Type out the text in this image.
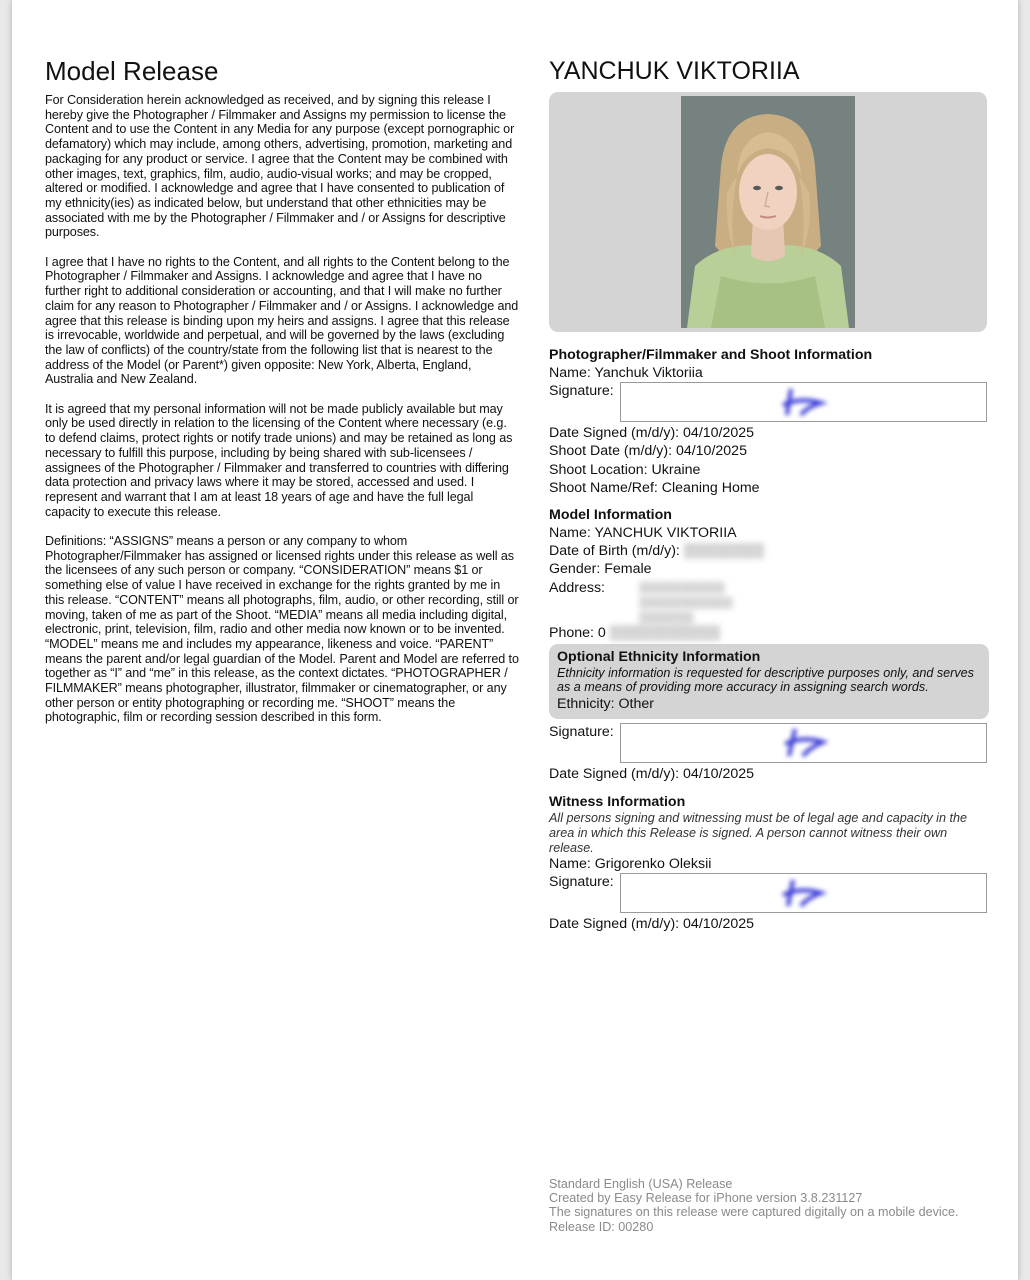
Model Release

For Consideration herein acknowledged as received, and by signing this release I hereby give the Photographer / Filmmaker and Assigns my permission to license the Content and to use the Content in any Media for any purpose (except pornographic or defamatory) which may include, among others, advertising, promotion, marketing and packaging for any product or service. I agree that the Content may be combined with other images, text, graphics, film, audio, audio-visual works; and may be cropped, altered or modified. I acknowledge and agree that I have consented to publication of my ethnicity(ies) as indicated below, but understand that other ethnicities may be associated with me by the Photographer / Filmmaker and / or Assigns for descriptive purposes.

I agree that I have no rights to the Content, and all rights to the Content belong to the Photographer / Filmmaker and Assigns. I acknowledge and agree that I have no further right to additional consideration or accounting, and that I will make no further claim for any reason to Photographer / Filmmaker and / or Assigns. I acknowledge and agree that this release is binding upon my heirs and assigns. I agree that this release is irrevocable, worldwide and perpetual, and will be governed by the laws (excluding the law of conflicts) of the country/state from the following list that is nearest to the address of the Model (or Parent*) given opposite: New York, Alberta, England, Australia and New Zealand.

It is agreed that my personal information will not be made publicly available but may only be used directly in relation to the licensing of the Content where necessary (e.g. to defend claims, protect rights or notify trade unions) and may be retained as long as necessary to fulfill this purpose, including by being shared with sub-licensees / assignees of the Photographer / Filmmaker and transferred to countries with differing data protection and privacy laws where it may be stored, accessed and used. I represent and warrant that I am at least 18 years of age and have the full legal capacity to execute this release.

Definitions: “ASSIGNS” means a person or any company to whom Photographer/Filmmaker has assigned or licensed rights under this release as well as the licensees of any such person or company. “CONSIDERATION” means $1 or something else of value I have received in exchange for the rights granted by me in this release. “CONTENT” means all photographs, film, audio, or other recording, still or moving, taken of me as part of the Shoot. “MEDIA” means all media including digital, electronic, print, television, film, radio and other media now known or to be invented. “MODEL” means me and includes my appearance, likeness and voice. “PARENT” means the parent and/or legal guardian of the Model. Parent and Model are referred to together as “I” and “me” in this release, as the context dictates. “PHOTOGRAPHER / FILMMAKER” means photographer, illustrator, filmmaker or cinematographer, or any other person or entity photographing or recording me. “SHOOT” means the photographic, film or recording session described in this form.

YANCHUK VIKTORIIA

Photographer/Filmmaker and Shoot Information

Name: Yanchuk Viktoriia

Signature:

Date Signed (m/d/y): 04/10/2025

Shoot Date (m/d/y): 04/10/2025

Shoot Location: Ukraine

Shoot Name/Ref: Cleaning Home

Model Information

Name: YANCHUK VIKTORIIA

Date of Birth (m/d/y): ▒▒▒▒▒▒▒▒

Gender: Female

Address:	▒▒▒▒▒▒▒▒▒▒▒
▒▒▒▒▒▒▒▒▒▒▒▒
▒▒▒▒▒▒▒

Phone: 0 ▒▒▒▒▒▒▒▒▒▒▒

Optional Ethnicity Information

Ethnicity information is requested for descriptive purposes only, and serves as a means of providing more accuracy in assigning search words.

Ethnicity: Other

Signature:

Date Signed (m/d/y): 04/10/2025

Witness Information

All persons signing and witnessing must be of legal age and capacity in the area in which this Release is signed. A person cannot witness their own release.

Name: Grigorenko Oleksii

Signature:

Date Signed (m/d/y): 04/10/2025

Standard English (USA) Release

Created by Easy Release for iPhone version 3.8.231127

The signatures on this release were captured digitally on a mobile device.

Release ID: 00280
